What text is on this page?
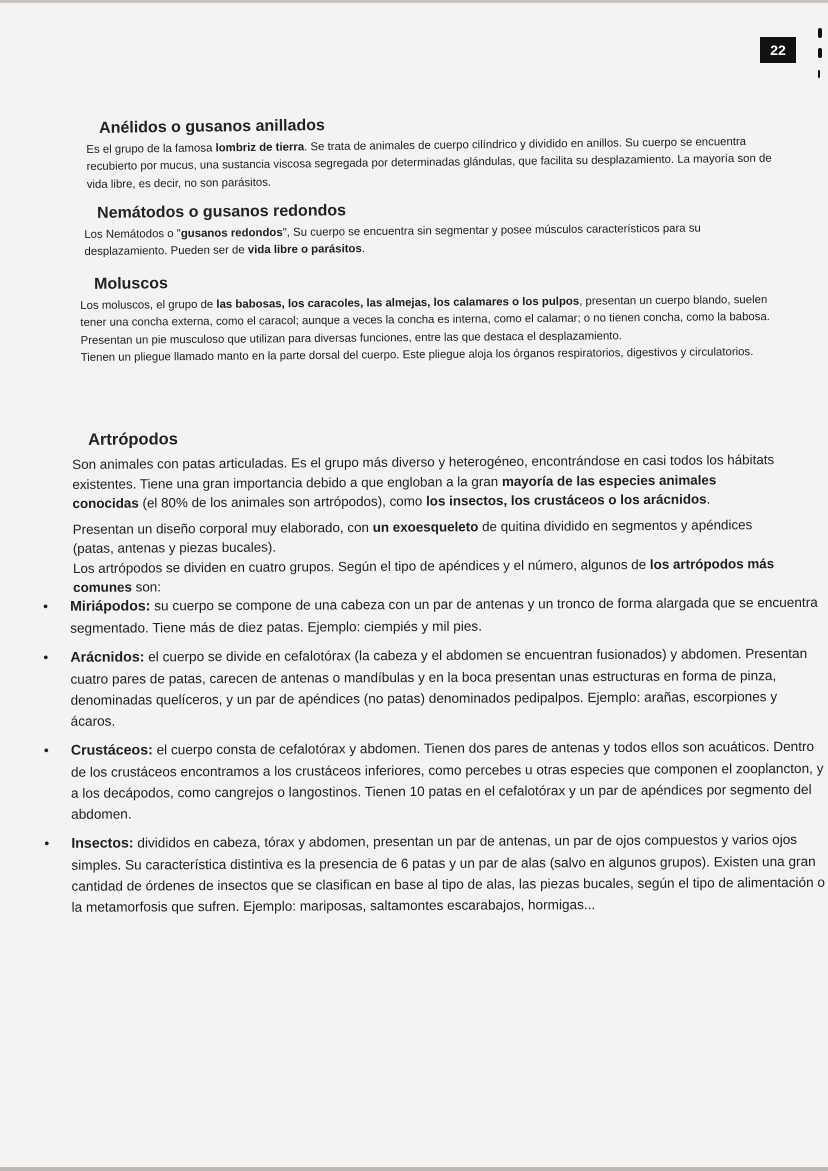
22
Anélidos o gusanos anillados

Es el grupo de la famosa lombriz de tierra. Se trata de animales de cuerpo cilíndrico y dividido en anillos. Su cuerpo se encuentra recubierto por mucus, una sustancia viscosa segregada por determinadas glándulas, que facilita su desplazamiento. La mayoría son de vida libre, es decir, no son parásitos.

Nemátodos o gusanos redondos

Los Nemátodos o "gusanos redondos", Su cuerpo se encuentra sin segmentar y posee músculos característicos para su desplazamiento. Pueden ser de vida libre o parásitos.

Moluscos

Los moluscos, el grupo de las babosas, los caracoles, las almejas, los calamares o los pulpos, presentan un cuerpo blando, suelen tener una concha externa, como el caracol; aunque a veces la concha es interna, como el calamar; o no tienen concha, como la babosa.

Presentan un pie musculoso que utilizan para diversas funciones, entre las que destaca el desplazamiento.

Tienen un pliegue llamado manto en la parte dorsal del cuerpo. Este pliegue aloja los órganos respiratorios, digestivos y circulatorios.

Artrópodos

Son animales con patas articuladas. Es el grupo más diverso y heterogéneo, encontrándose en casi todos los hábitats existentes. Tiene una gran importancia debido a que engloban a la gran mayoría de las especies animales conocidas (el 80% de los animales son artrópodos), como los insectos, los crustáceos o los arácnidos.

Presentan un diseño corporal muy elaborado, con un exoesqueleto de quitina dividido en segmentos y apéndices (patas, antenas y piezas bucales).

Los artrópodos se dividen en cuatro grupos. Según el tipo de apéndices y el número, algunos de los artrópodos más comunes son:

• Miriápodos: su cuerpo se compone de una cabeza con un par de antenas y un tronco de forma alargada que se encuentra segmentado. Tiene más de diez patas. Ejemplo: ciempiés y mil pies.
• Arácnidos: el cuerpo se divide en cefalotórax (la cabeza y el abdomen se encuentran fusionados) y abdomen. Presentan cuatro pares de patas, carecen de antenas o mandíbulas y en la boca presentan unas estructuras en forma de pinza, denominadas quelíceros, y un par de apéndices (no patas) denominados pedipalpos. Ejemplo: arañas, escorpiones y ácaros.
• Crustáceos: el cuerpo consta de cefalotórax y abdomen. Tienen dos pares de antenas y todos ellos son acuáticos. Dentro de los crustáceos encontramos a los crustáceos inferiores, como percebes u otras especies que componen el zooplancton, y a los decápodos, como cangrejos o langostinos. Tienen 10 patas en el cefalotórax y un par de apéndices por segmento del abdomen.
• Insectos: divididos en cabeza, tórax y abdomen, presentan un par de antenas, un par de ojos compuestos y varios ojos simples. Su característica distintiva es la presencia de 6 patas y un par de alas (salvo en algunos grupos). Existen una gran cantidad de órdenes de insectos que se clasifican en base al tipo de alas, las piezas bucales, según el tipo de alimentación o la metamorfosis que sufren. Ejemplo: mariposas, saltamontes escarabajos, hormigas...
